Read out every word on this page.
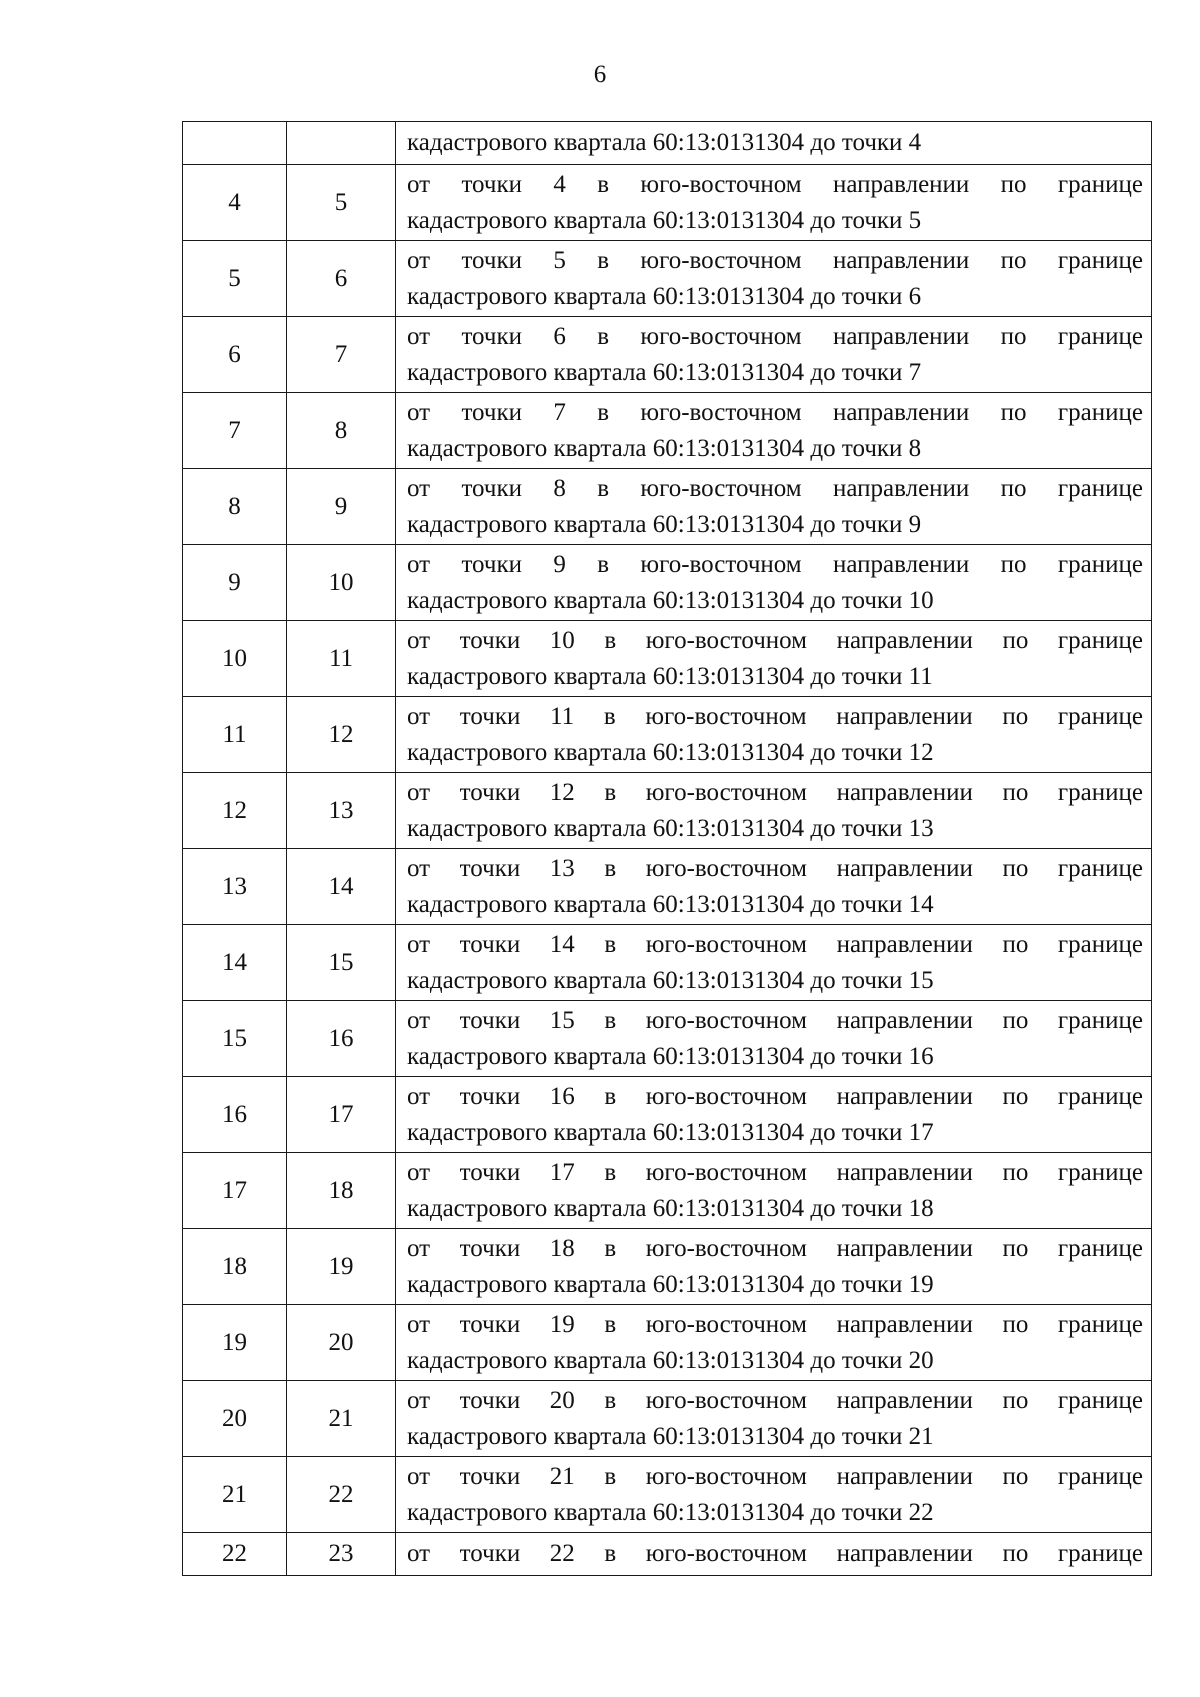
6

		кадастрового квартала 60:13:0131304 до точки 4

4	5	от точки 4 в юго-восточном направлении по границе
кадастрового квартала 60:13:0131304 до точки 5

5	6	от точки 5 в юго-восточном направлении по границе
кадастрового квартала 60:13:0131304 до точки 6

6	7	от точки 6 в юго-восточном направлении по границе
кадастрового квартала 60:13:0131304 до точки 7

7	8	от точки 7 в юго-восточном направлении по границе
кадастрового квартала 60:13:0131304 до точки 8

8	9	от точки 8 в юго-восточном направлении по границе
кадастрового квартала 60:13:0131304 до точки 9

9	10	от точки 9 в юго-восточном направлении по границе
кадастрового квартала 60:13:0131304 до точки 10

10	11	от точки 10 в юго-восточном направлении по границе
кадастрового квартала 60:13:0131304 до точки 11

11	12	от точки 11 в юго-восточном направлении по границе
кадастрового квартала 60:13:0131304 до точки 12

12	13	от точки 12 в юго-восточном направлении по границе
кадастрового квартала 60:13:0131304 до точки 13

13	14	от точки 13 в юго-восточном направлении по границе
кадастрового квартала 60:13:0131304 до точки 14

14	15	от точки 14 в юго-восточном направлении по границе
кадастрового квартала 60:13:0131304 до точки 15

15	16	от точки 15 в юго-восточном направлении по границе
кадастрового квартала 60:13:0131304 до точки 16

16	17	от точки 16 в юго-восточном направлении по границе
кадастрового квартала 60:13:0131304 до точки 17

17	18	от точки 17 в юго-восточном направлении по границе
кадастрового квартала 60:13:0131304 до точки 18

18	19	от точки 18 в юго-восточном направлении по границе
кадастрового квартала 60:13:0131304 до точки 19

19	20	от точки 19 в юго-восточном направлении по границе
кадастрового квартала 60:13:0131304 до точки 20

20	21	от точки 20 в юго-восточном направлении по границе
кадастрового квартала 60:13:0131304 до точки 21

21	22	от точки 21 в юго-восточном направлении по границе
кадастрового квартала 60:13:0131304 до точки 22

22	23	от точки 22 в юго-восточном направлении по границе
